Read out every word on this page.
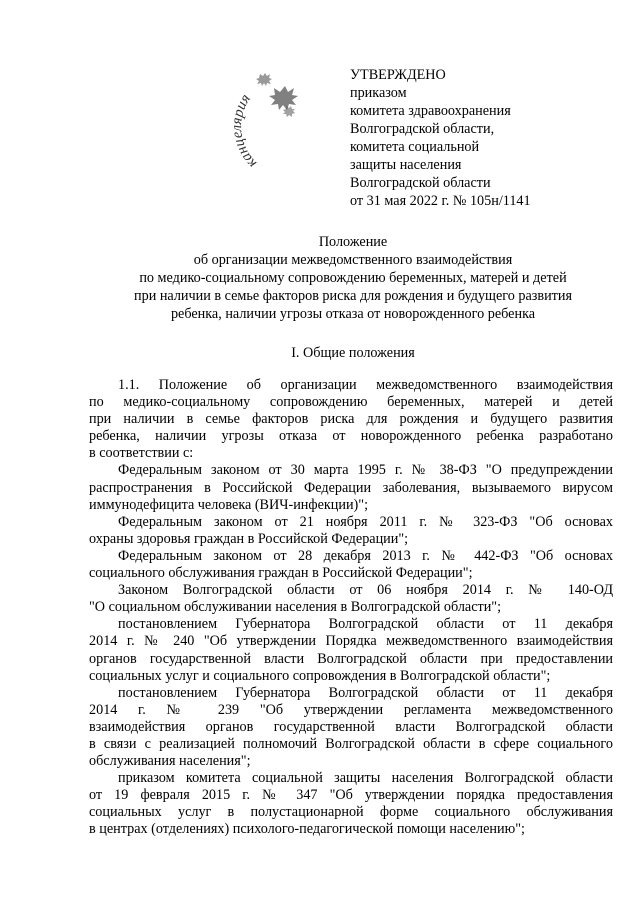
канцелярия
УТВЕРЖДЕНО
приказом
комитета здравоохранения
Волгоградской области,
комитета социальной
защиты населения
Волгоградской области
от 31 мая 2022 г. № 105н/1141
Положение
об организации межведомственного взаимодействия
по медико-социальному сопровождению беременных, матерей и детей
при наличии в семье факторов риска для рождения и будущего развития
ребенка, наличии угрозы отказа от новорожденного ребенка
I. Общие положения
1.1. Положение об организации межведомственного взаимодействия
по медико-социальному сопровождению беременных, матерей и детей
при наличии в семье факторов риска для рождения и будущего развития
ребенка, наличии угрозы отказа от новорожденного ребенка разработано
в соответствии с:
Федеральным законом от 30 марта 1995 г. № 38-ФЗ "О предупреждении
распространения в Российской Федерации заболевания, вызываемого вирусом
иммунодефицита человека (ВИЧ-инфекции)";
Федеральным законом от 21 ноября 2011 г. № 323-ФЗ "Об основах
охраны здоровья граждан в Российской Федерации";
Федеральным законом от 28 декабря 2013 г. № 442-ФЗ "Об основах
социального обслуживания граждан в Российской Федерации";
Законом Волгоградской области от 06 ноября 2014 г. № 140-ОД
"О социальном обслуживании населения в Волгоградской области";
постановлением Губернатора Волгоградской области от 11 декабря
2014 г. № 240 "Об утверждении Порядка межведомственного взаимодействия
органов государственной власти Волгоградской области при предоставлении
социальных услуг и социального сопровождения в Волгоградской области";
постановлением Губернатора Волгоградской области от 11 декабря
2014 г. № 239 "Об утверждении регламента межведомственного
взаимодействия органов государственной власти Волгоградской области
в связи с реализацией полномочий Волгоградской области в сфере социального
обслуживания населения";
приказом комитета социальной защиты населения Волгоградской области
от 19 февраля 2015 г. № 347 "Об утверждении порядка предоставления
социальных услуг в полустационарной форме социального обслуживания
в центрах (отделениях) психолого-педагогической помощи населению";
